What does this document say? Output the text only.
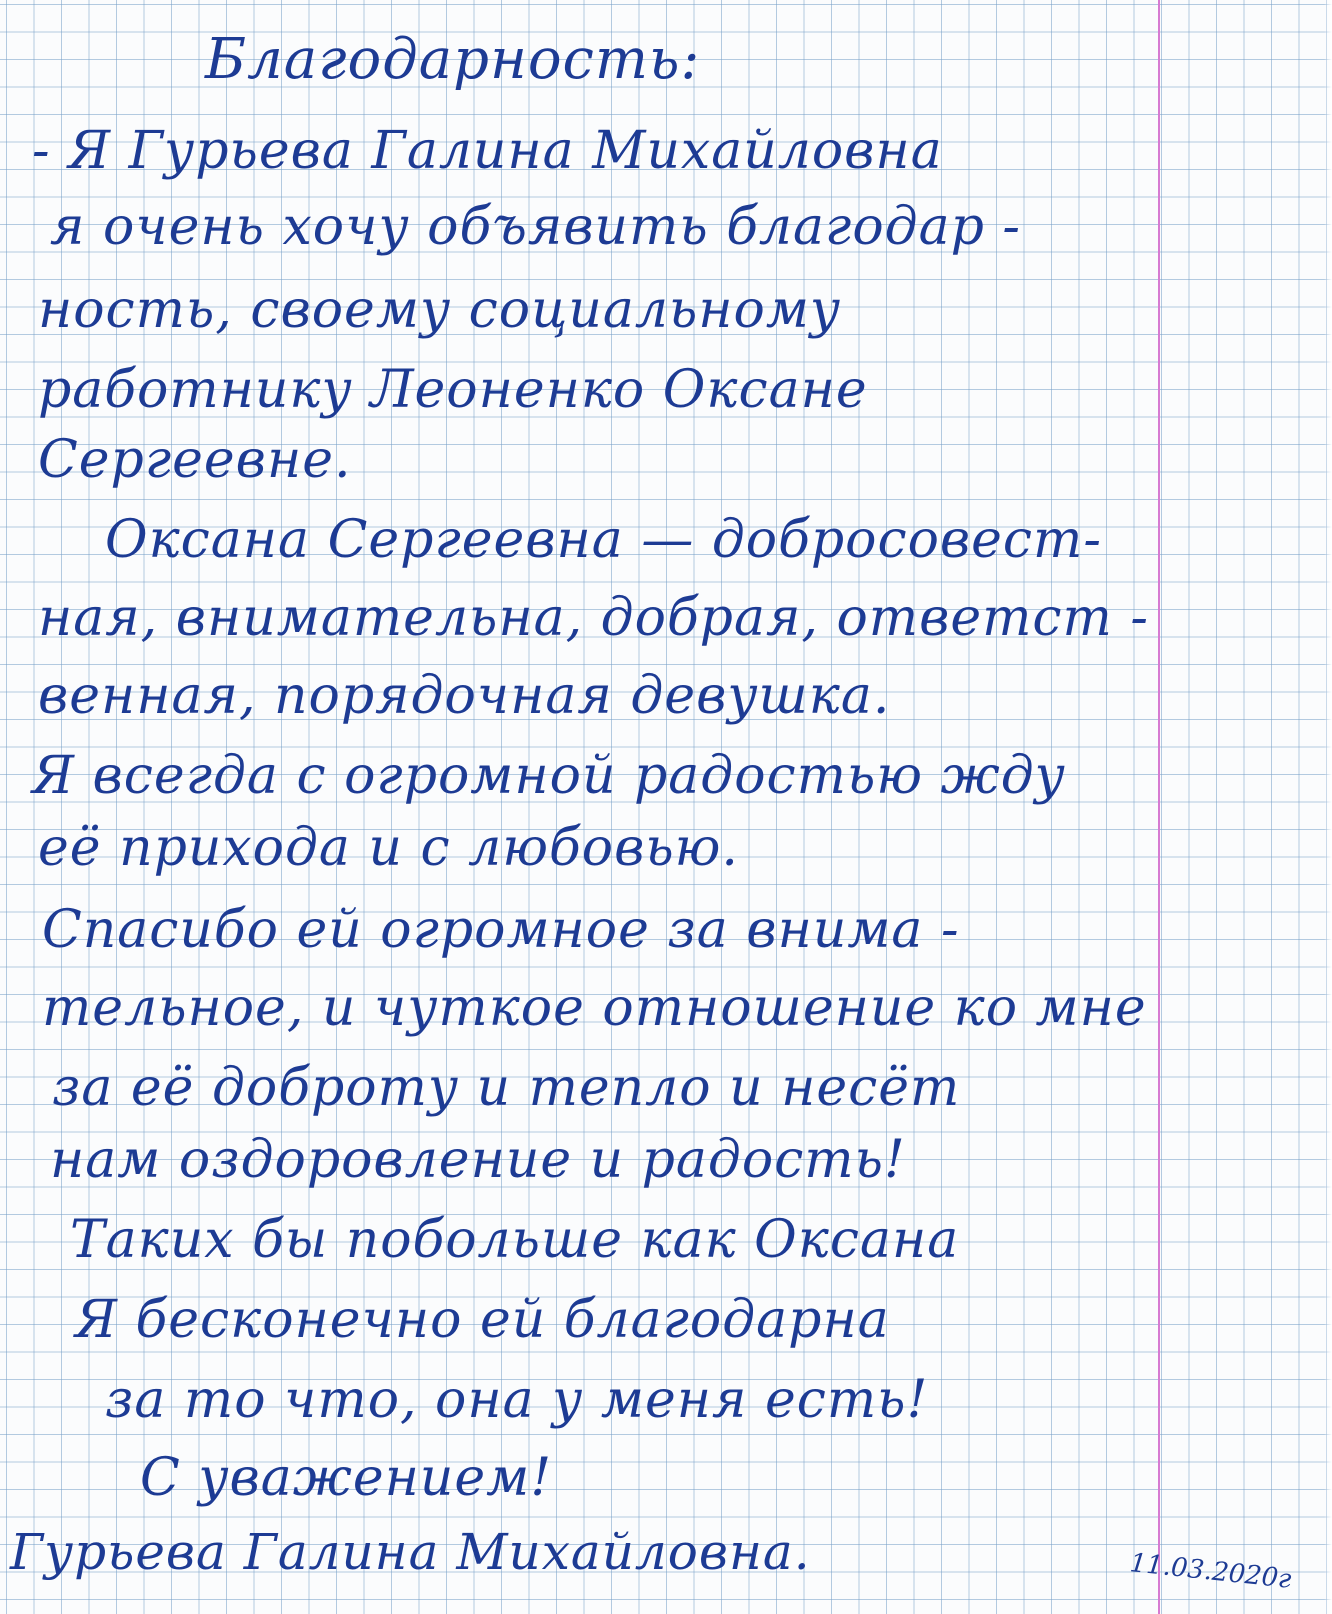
Благодарность:
- Я Гурьева Галина Михайловна
я очень хочу объявить благодар -
ность, своему социальному
работнику Леоненко Оксане
Сергеевне.
Оксана Сергеевна — добросовест-
ная, внимательна, добрая, ответст -
венная, порядочная девушка.
Я всегда с огромной радостью жду
её прихода и с любовью.
Спасибо ей огромное за внима -
тельное, и чуткое отношение ко мне
за её доброту и тепло и несёт
нам оздоровление и радость!
Таких бы побольше как Оксана
Я бесконечно ей благодарна
за то что, она у меня есть!
С уважением!
Гурьева Галина Михайловна.	11.03.2020г
